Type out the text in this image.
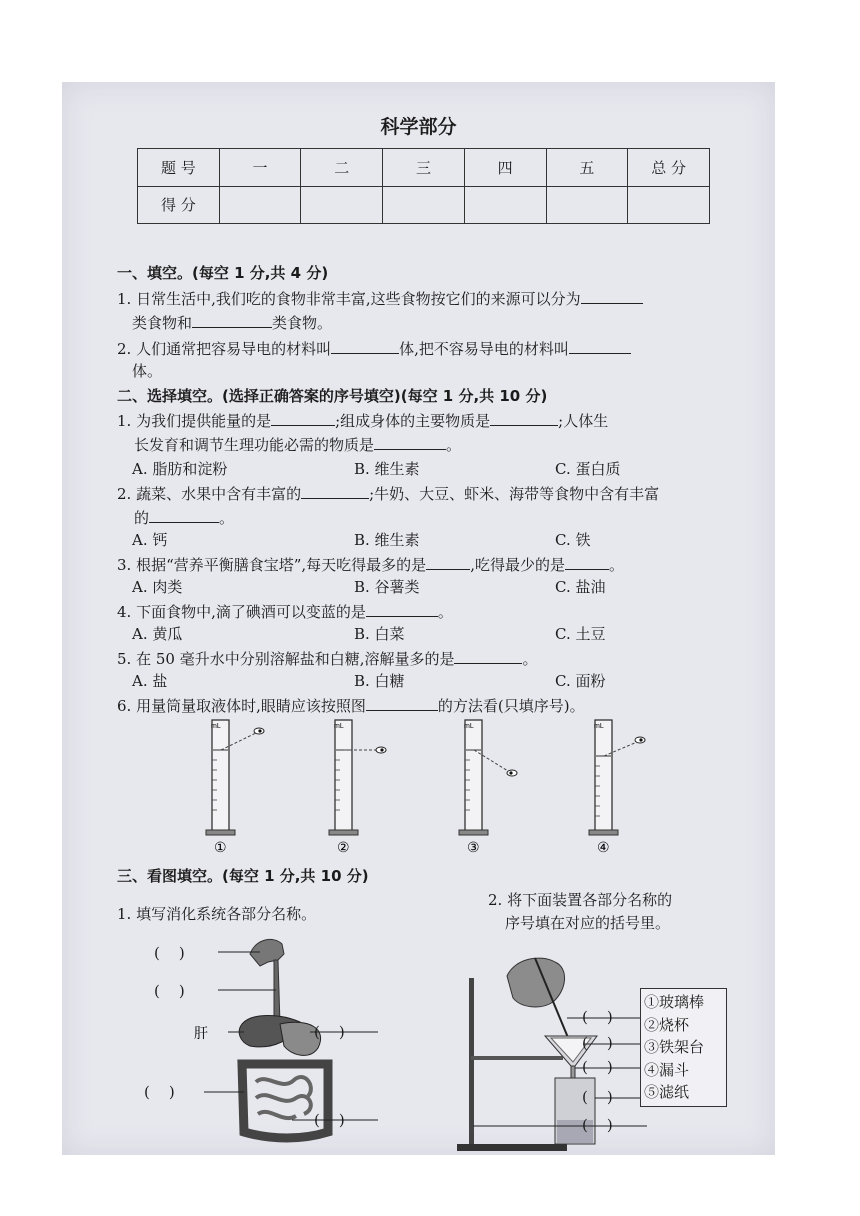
科学部分
题 号	一	二	三	四	五	总 分
得 分						
一、填空。(每空 1 分,共 4 分)
1. 日常生活中,我们吃的食物非常丰富,这些食物按它们的来源可以分为
类食物和	类食物。
2. 人们通常把容易导电的材料叫	体,把不容易导电的材料叫
体。
二、选择填空。(选择正确答案的序号填空)(每空 1 分,共 10 分)
1. 为我们提供能量的是	;组成身体的主要物质是	;人体生
长发育和调节生理功能必需的物质是	。
A. 脂肪和淀粉	B. 维生素	C. 蛋白质
2. 蔬菜、水果中含有丰富的	;牛奶、大豆、虾米、海带等食物中含有丰富
的	。
A. 钙	B. 维生素	C. 铁
3. 根据“营养平衡膳食宝塔”,每天吃得最多的是	,吃得最少的是	。
A. 肉类	B. 谷薯类	C. 盐油
4. 下面食物中,滴了碘酒可以变蓝的是	。
A. 黄瓜	B. 白菜	C. 土豆
5. 在 50 毫升水中分别溶解盐和白糖,溶解量多的是	。
A. 盐	B. 白糖	C. 面粉
6. 用量筒量取液体时,眼睛应该按照图	的方法看(只填序号)。
mL	mL	mL	mL
①	②	③	④
三、看图填空。(每空 1 分,共 10 分)
1. 填写消化系统各部分名称。
2. 将下面装置各部分名称的
序号填在对应的括号里。
肝
(    )
(    )
(    )
(    )
(    )
(    )
(    )
(    )
(    )
(    )
①玻璃棒
②烧杯
③铁架台
④漏斗
⑤滤纸
